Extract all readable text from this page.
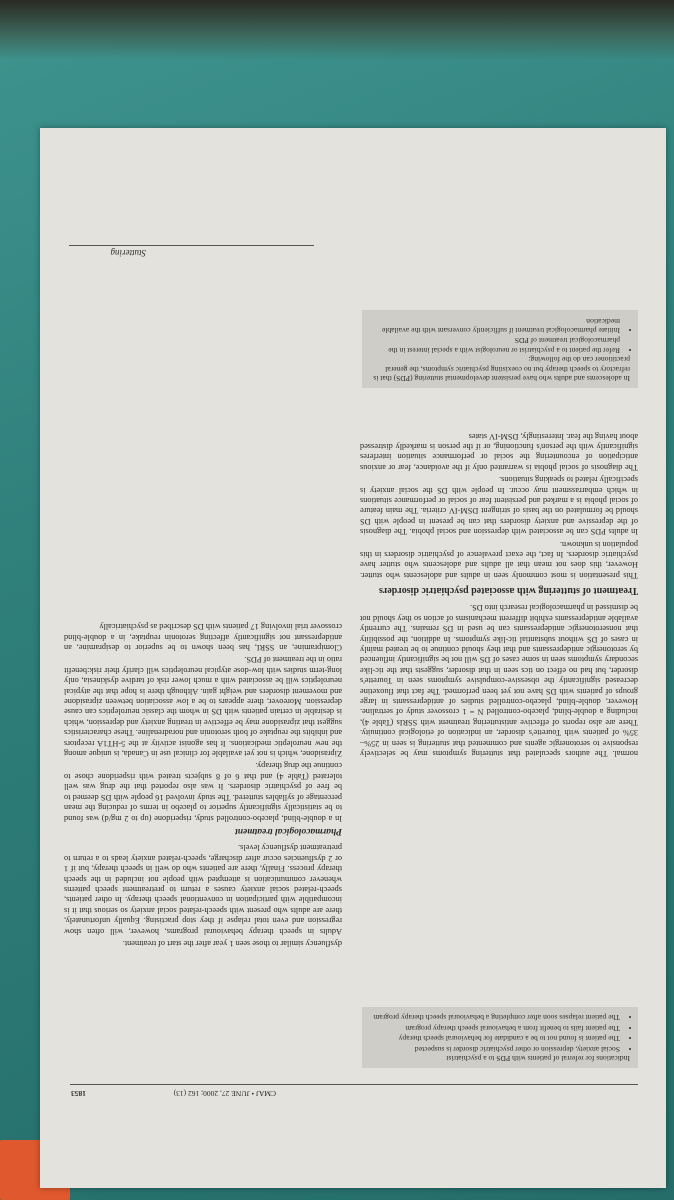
Stuttering
In adolescents and adults who have persistent developmental stuttering (PDS) that is refractory to speech therapy but no coexisting psychiatric symptoms, the general practitioner can do the following:
• Refer the patient to a psychiatrist or neurologist with a special interest in the pharmacological treatment of PDS
• Initiate pharmacological treatment if sufficiently conversant with the available medication

dysfluency similar to those seen 1 year after the start of treatment.

Adults in speech therapy behavioural programs, however, will often show regression and even total relapse if they stop practising. Equally unfortunately, there are adults who present with speech-related social anxiety so serious that it is incompatible with participation in conventional speech therapy. In other patients, speech-related social anxiety causes a return to pretreatment speech patterns whenever communication is attempted with people not included in the speech therapy process. Finally, there are patients who do well in speech therapy, but if 1 or 2 dysfluencies occur after discharge, speech-related anxiety leads to a return to pretreatment dysfluency levels.

Pharmacological treatment

In a double-blind, placebo-controlled study, risperidone (up to 2 mg/d) was found to be statistically significantly superior to placebo in terms of reducing the mean percentage of syllables stuttered. The study involved 16 people with DS deemed to be free of psychiatric disorders. It was also reported that the drug was well tolerated (Table 4) and that 6 of 8 subjects treated with risperidone chose to continue the drug therapy.

Ziprasidone, which is not yet available for clinical use in Canada, is unique among the new neuroleptic medications. It has agonist activity at the 5-HT1A receptors and inhibits the reuptake of both serotonin and noradrenaline. These characteristics suggest that ziprasidone may be effective in treating anxiety and depression, which is desirable in certain patients with DS in whom the classic neuroleptics can cause depression. Moreover, there appears to be a low association between ziprasidone and movement disorders and weight gain. Although there is hope that the atypical neuroleptics will be associated with a much lower risk of tardive dyskinesia, only long-term studies with low-dose atypical neuroleptics will clarify their risk:benefit ratio in the treatment of PDS.

Clomipramine, an SSRI, has been shown to be superior to desipramine, an antidepressant not significantly affecting serotonin reuptake, in a double-blind crossover trial involving 17 patients with DS described as psychiatrically

normal. The authors speculated that stuttering symptoms may be selectively responsive to serotonergic agents and commented that stuttering is seen in 25%–35% of patients with Tourette's disorder, an indication of etiological continuity. There are also reports of effective antistuttering treatment with SSRIs (Table 4), including a double-blind, placebo-controlled N = 1 crossover study of sertraline. However, double-blind, placebo-controlled studies of antidepressants in large groups of patients with DS have not yet been performed. The fact that fluoxetine decreased significantly the obsessive-compulsive symptoms seen in Tourette's disorder, but had no effect on tics seen in that disorder, suggests that the tic-like secondary symptoms seen in some cases of DS will not be significantly influenced by serotonergic antidepressants and that they should continue to be treated mainly in cases of DS without substantial tic-like symptoms. In addition, the possibility that nonserotonergic antidepressants can be used in DS remains. The currently available antidepressants exhibit different mechanisms of action so they should not be dismissed in pharmacological research into DS.

Treatment of stuttering with associated psychiatric disorders

This presentation is most commonly seen in adults and adolescents who stutter. However, this does not mean that all adults and adolescents who stutter have psychiatric disorders. In fact, the exact prevalence of psychiatric disorders in this population is unknown.

In adults PDS can be associated with depression and social phobia. The diagnosis of the depressive and anxiety disorders that can be present in people with DS should be formulated on the basis of stringent DSM-IV criteria. The main feature of social phobia is a marked and persistent fear of social or performance situations in which embarrassment may occur. In people with DS the social anxiety is specifically related to speaking situations.

The diagnosis of social phobia is warranted only if the avoidance, fear or anxious anticipation of encountering the social or performance situation interferes significantly with the person's functioning, or if the person is markedly distressed about having the fear. Interestingly, DSM-IV states

Indications for referral of patients with PDS to a psychiatrist
• Social anxiety, depression or other psychiatric disorder is suspected
• The patient is found not to be a candidate for behavioural speech therapy
• The patient fails to benefit from a behavioural speech therapy program
• The patient relapses soon after completing a behavioural speech therapy program
CMAJ • JUNE 27, 2000; 162 (13)
1853
